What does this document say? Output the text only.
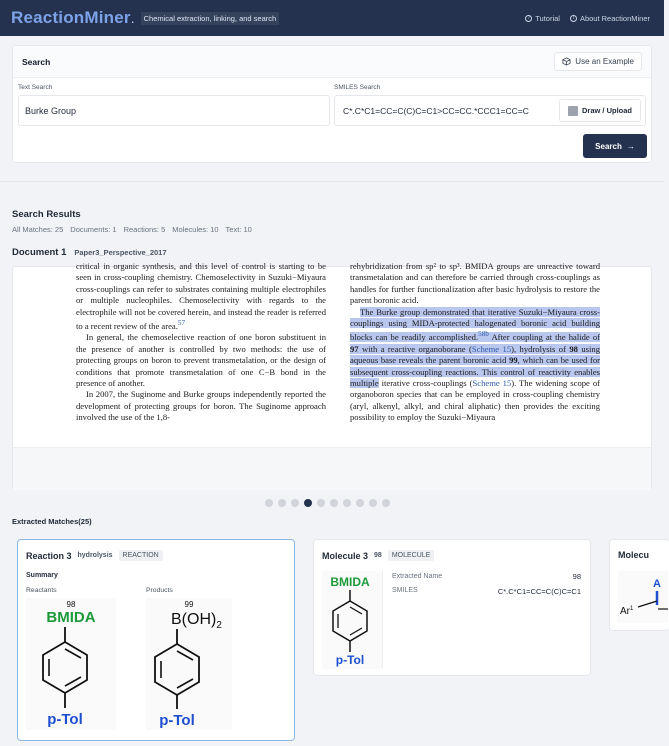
ReactionMiner .	Chemical extraction, linking, and search	? Tutorial	i About ReactionMiner
Search	Use an Example
Text Search
Burke Group	SMILES Search
C*.C*C1=CC=C(C)C=C1>CC=CC.*CCC1=CC=C
Draw / Upload
Search →
Search Results
All Matches: 25 Documents: 1 Reactions: 5 Molecules: 10 Text: 10
Document 1 Paper3_Perspective_2017

critical in organic synthesis, and this level of control is starting to be seen in cross-coupling chemistry. Chemoselectivity in Suzuki−Miyaura cross-couplings can refer to substrates containing multiple electrophiles or multiple nucleophiles. Chemoselectivity with regards to the electrophile will not be covered herein, and instead the reader is referred to a recent review of the area.$^{57}$

In general, the chemoselective reaction of one boron substituent in the presence of another is controlled by two methods: the use of protecting groups on boron to prevent transmetalation, or the design of conditions that promote transmetalation of one C−B bond in the presence of another.

In 2007, the Suginome and Burke groups independently reported the development of protecting groups for boron. The Suginome approach involved the use of the 1,8-

rehybridization from sp² to sp³. BMIDA groups are unreactive toward transmetalation and can therefore be carried through cross-couplings as handles for further functionalization after basic hydrolysis to restore the parent boronic acid.

The Burke group demonstrated that iterative Suzuki−Miyaura cross-couplings using MIDA-protected halogenated boronic acid building blocks can be readily accomplished.$^{58b}$ After coupling at the halide of 97 with a reactive organoborane (Scheme 15), hydrolysis of 98 using aqueous base reveals the parent boronic acid 99, which can be used for subsequent cross-coupling reactions. This control of reactivity enables multiple iterative cross-couplings (Scheme 15). The widening scope of organoboron species that can be employed in cross-coupling chemistry (aryl, alkenyl, alkyl, and chiral aliphatic) then provides the exciting possibility to employ the Suzuki−Miyaura

Extracted Matches(25)
Reaction 3 hydrolysis	REACTION
Summary
Reactants	Products
98
BMIDA
p-Tol
99
$B(OH)_2$
p-Tol
Molecule 3 98	MOLECULE
BMIDA
p-Tol
Extracted Name	98
SMILES	C*.C*C1=CC=C(C)C=C1
Molecu
A
Ar$^1$
